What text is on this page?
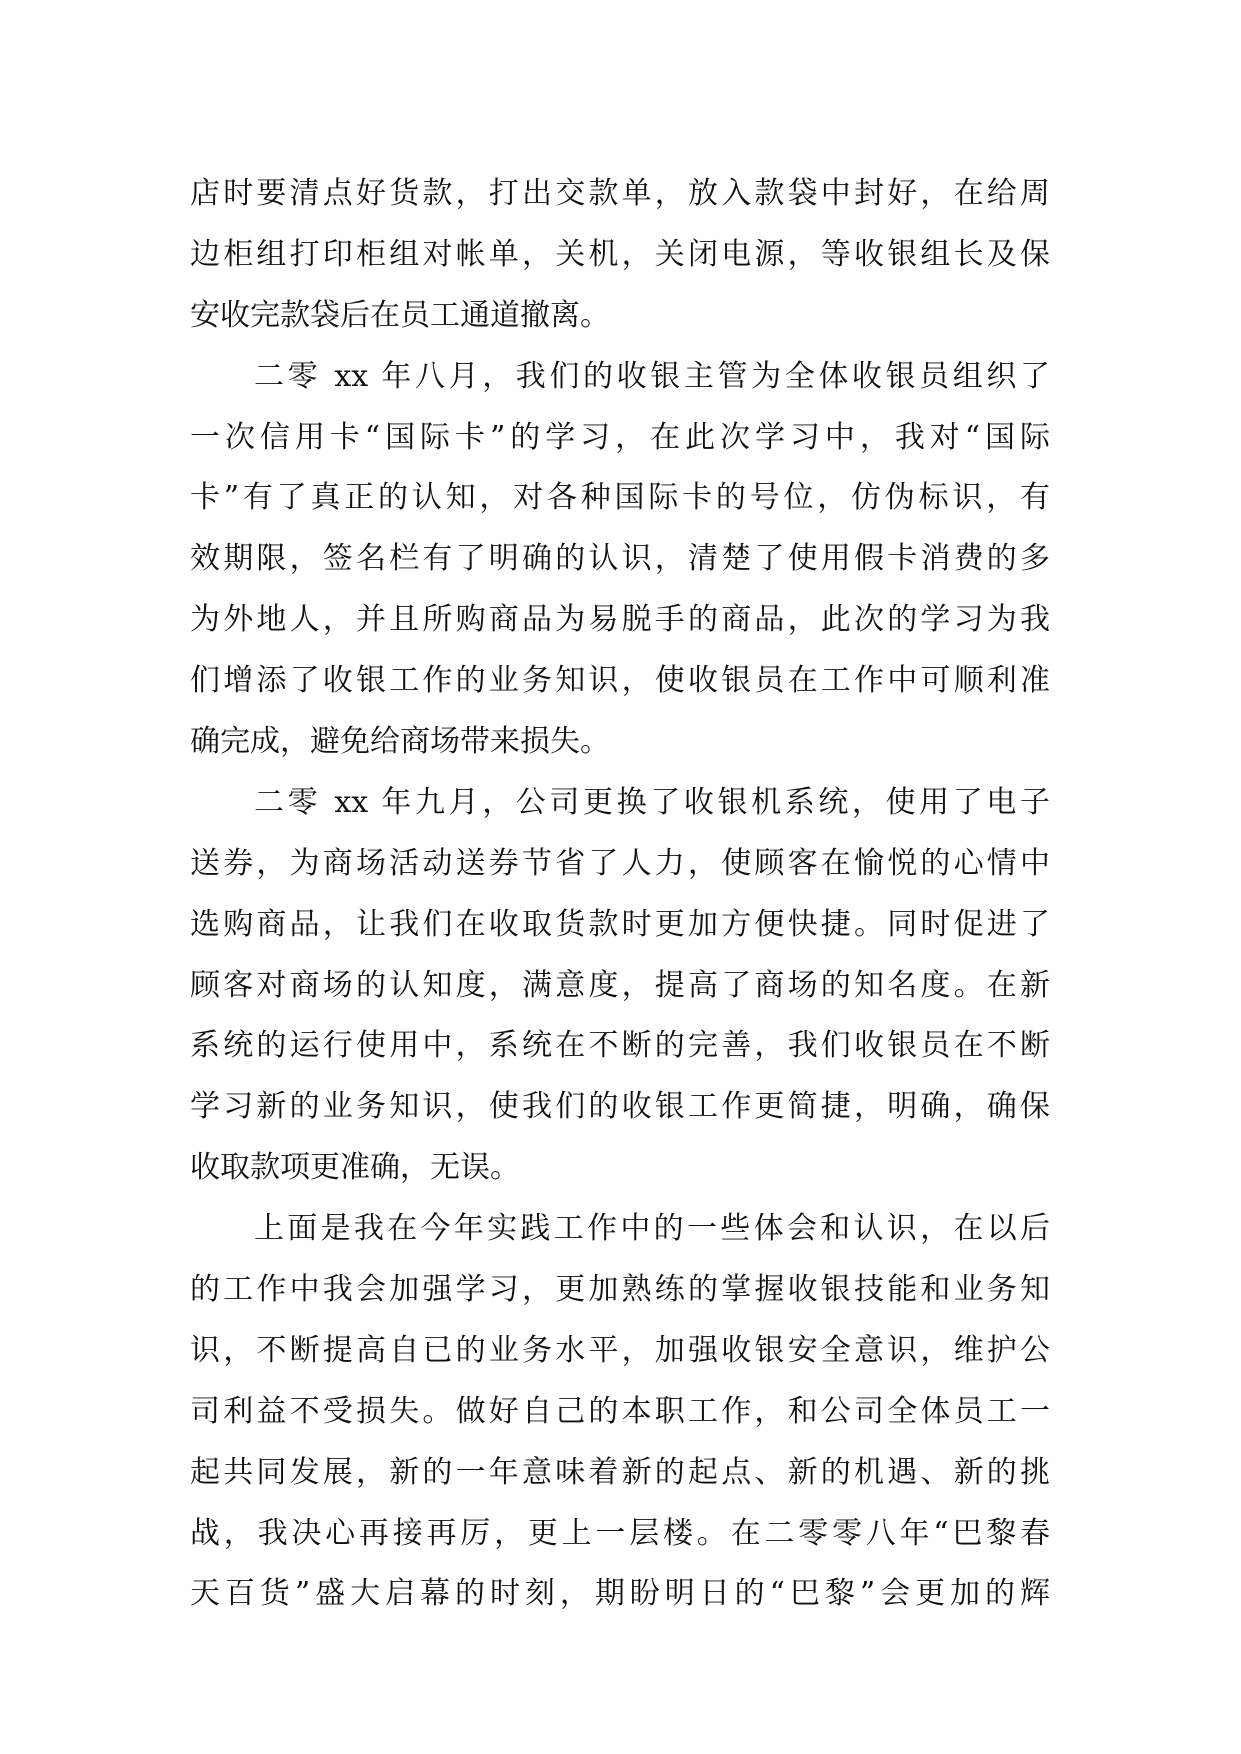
店时要清点好货款，打出交款单，放入款袋中封好，在给周
边柜组打印柜组对帐单，关机，关闭电源，等收银组长及保
安收完款袋后在员工通道撤离。
二零 xx 年八月，我们的收银主管为全体收银员组织了
一次信用卡“国际卡”的学习，在此次学习中，我对“国际
卡”有了真正的认知，对各种国际卡的号位，仿伪标识，有
效期限，签名栏有了明确的认识，清楚了使用假卡消费的多
为外地人，并且所购商品为易脱手的商品，此次的学习为我
们增添了收银工作的业务知识，使收银员在工作中可顺利准
确完成，避免给商场带来损失。
二零 xx 年九月，公司更换了收银机系统，使用了电子
送券，为商场活动送券节省了人力，使顾客在愉悦的心情中
选购商品，让我们在收取货款时更加方便快捷。同时促进了
顾客对商场的认知度，满意度，提高了商场的知名度。在新
系统的运行使用中，系统在不断的完善，我们收银员在不断
学习新的业务知识，使我们的收银工作更简捷，明确，确保
收取款项更准确，无误。
上面是我在今年实践工作中的一些体会和认识，在以后
的工作中我会加强学习，更加熟练的掌握收银技能和业务知
识，不断提高自已的业务水平，加强收银安全意识，维护公
司利益不受损失。做好自己的本职工作，和公司全体员工一
起共同发展，新的一年意味着新的起点、新的机遇、新的挑
战，我决心再接再厉，更上一层楼。在二零零八年“巴黎春
天百货”盛大启幕的时刻，期盼明日的“巴黎”会更加的辉
